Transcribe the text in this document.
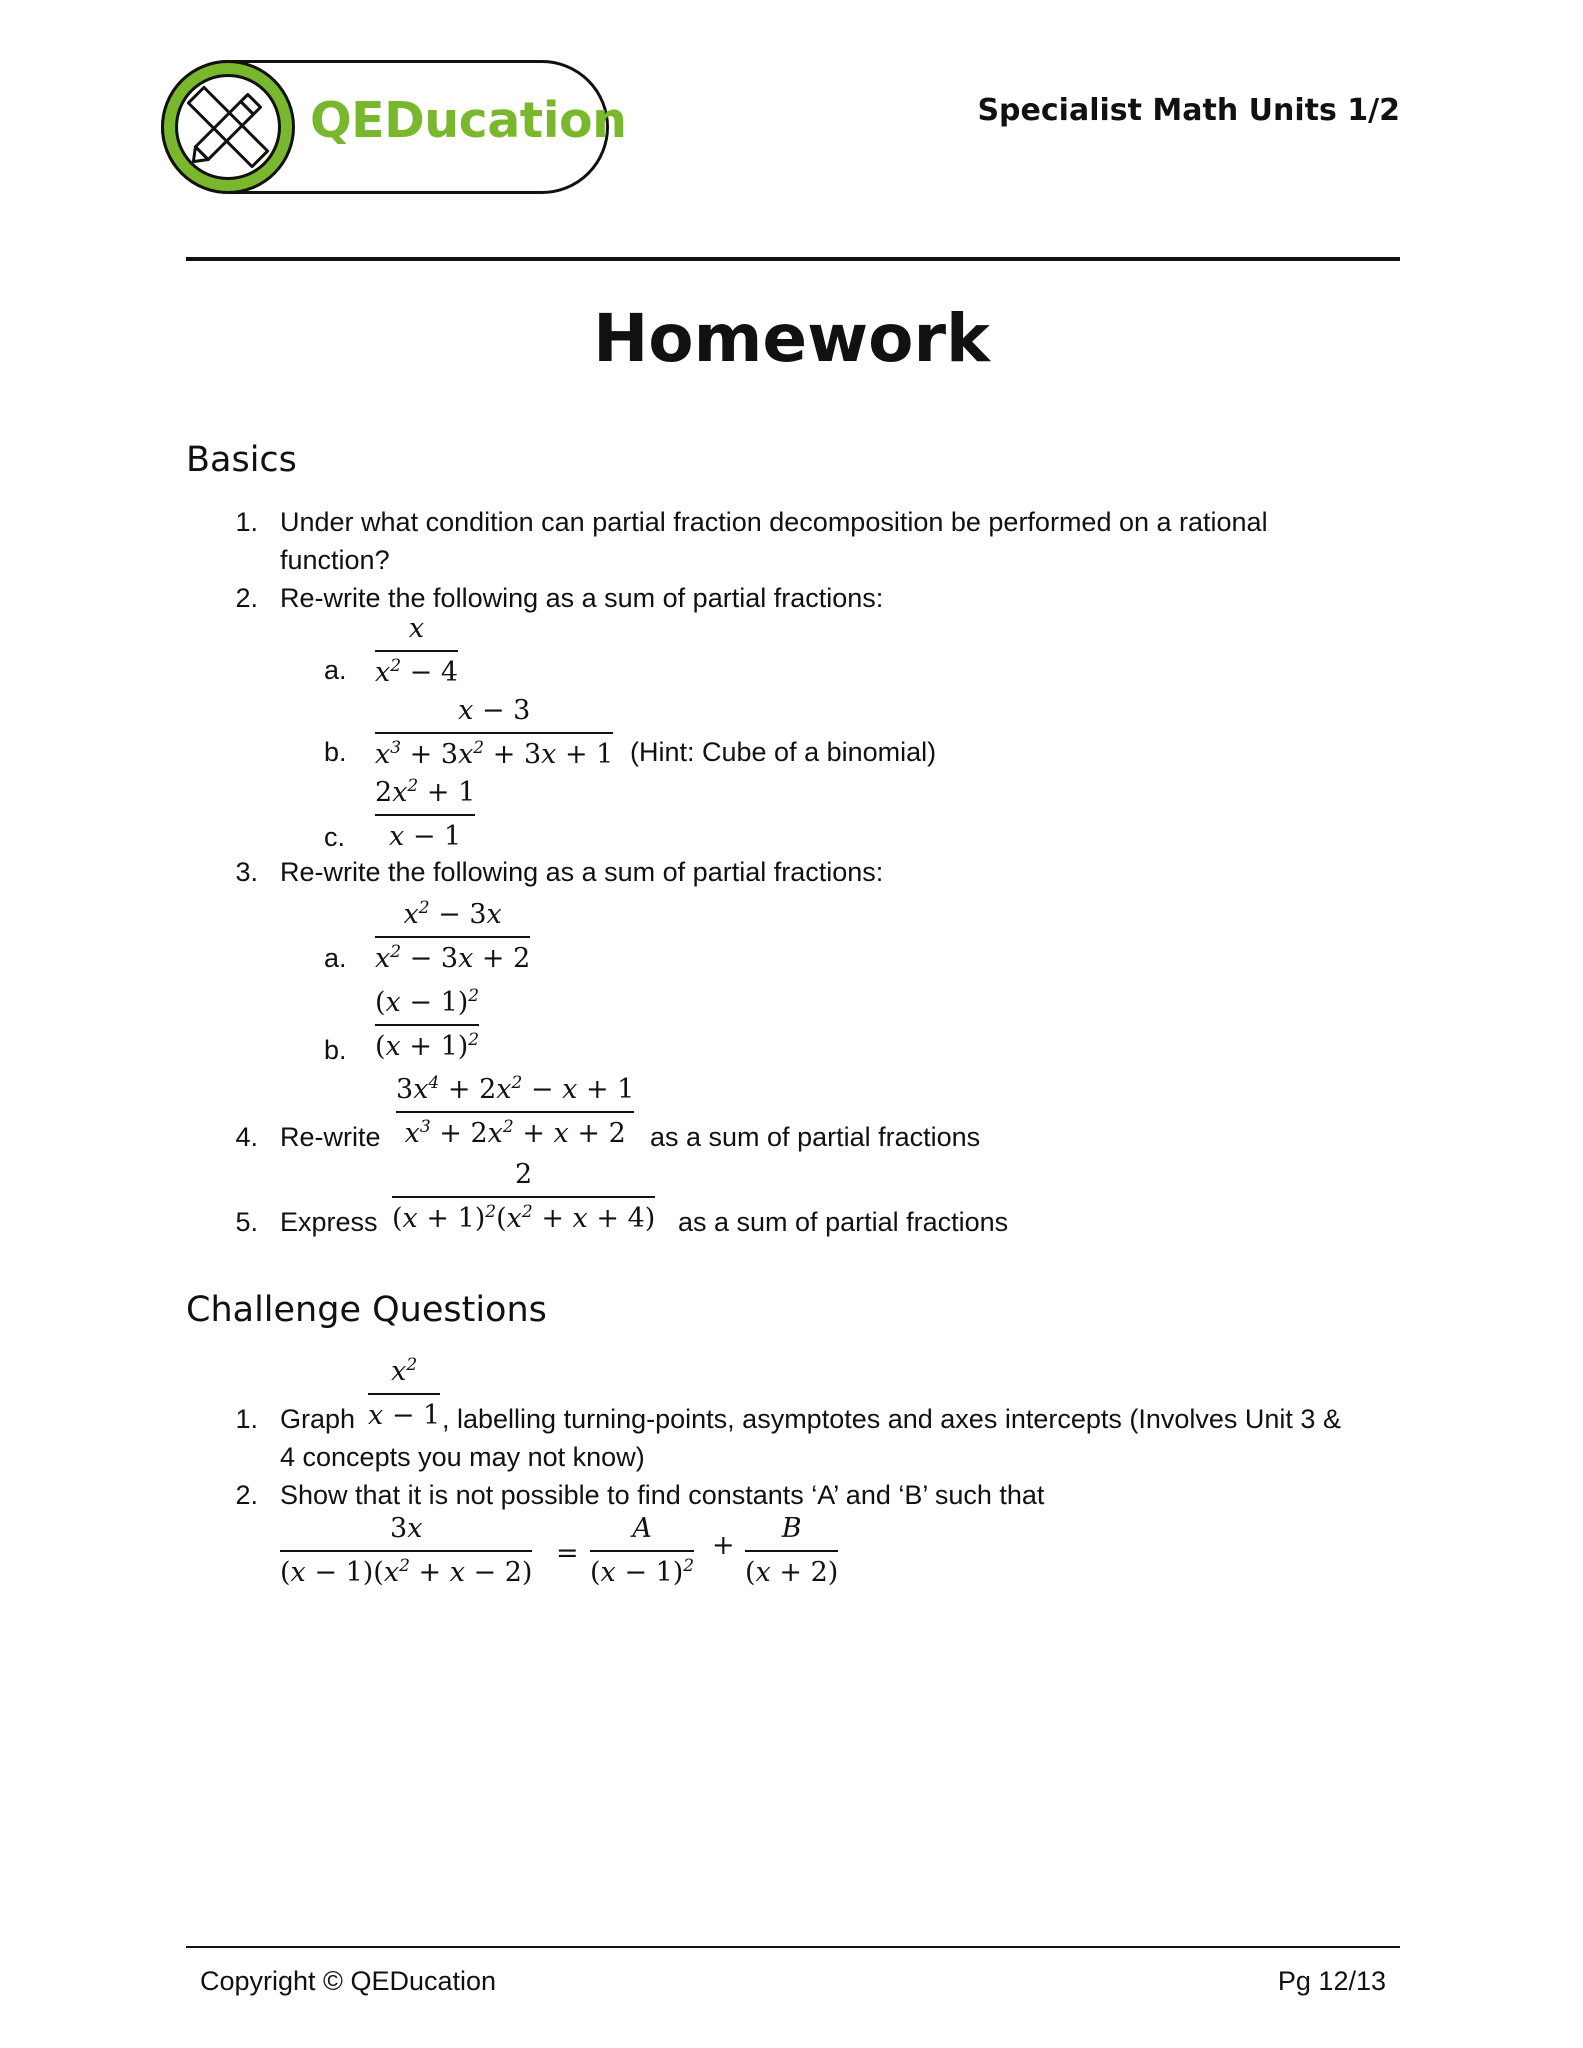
QEDucation	Specialist Math Units 1/2
Homework
Basics
1. Under what condition can partial fraction decomposition be performed on a rational
function?
2. Re-write the following as a sum of partial fractions:
a.
x
$x^2 - 4$
b.
x − 3
$x^3 + 3x^2 + 3x + 1$ (Hint: Cube of a binomial)
c.
$2x^2 + 1$
x − 1
3. Re-write the following as a sum of partial fractions:
a.
$x^2 - 3x$
$x^2 - 3x + 2$
b.
$(x - 1)^2$
$(x + 1)^2$
4. Re-write
$3x^4 + 2x^2 - x + 1$
$x^3 + 2x^2 + x + 2$ as a sum of partial fractions
5. Express
2
$(x + 1)^2(x^2 + x + 4)$ as a sum of partial fractions
Challenge Questions
1. Graph
$x^2$
x − 1 , labelling turning-points, asymptotes and axes intercepts (Involves Unit 3 &
4 concepts you may not know)
2. Show that it is not possible to find constants ‘A’ and ‘B’ such that
3x
$(x - 1)(x^2 + x - 2)$
=
A
$(x - 1)^2$
+
B
(x + 2)
Copyright © QEDucation	Pg 12/13
